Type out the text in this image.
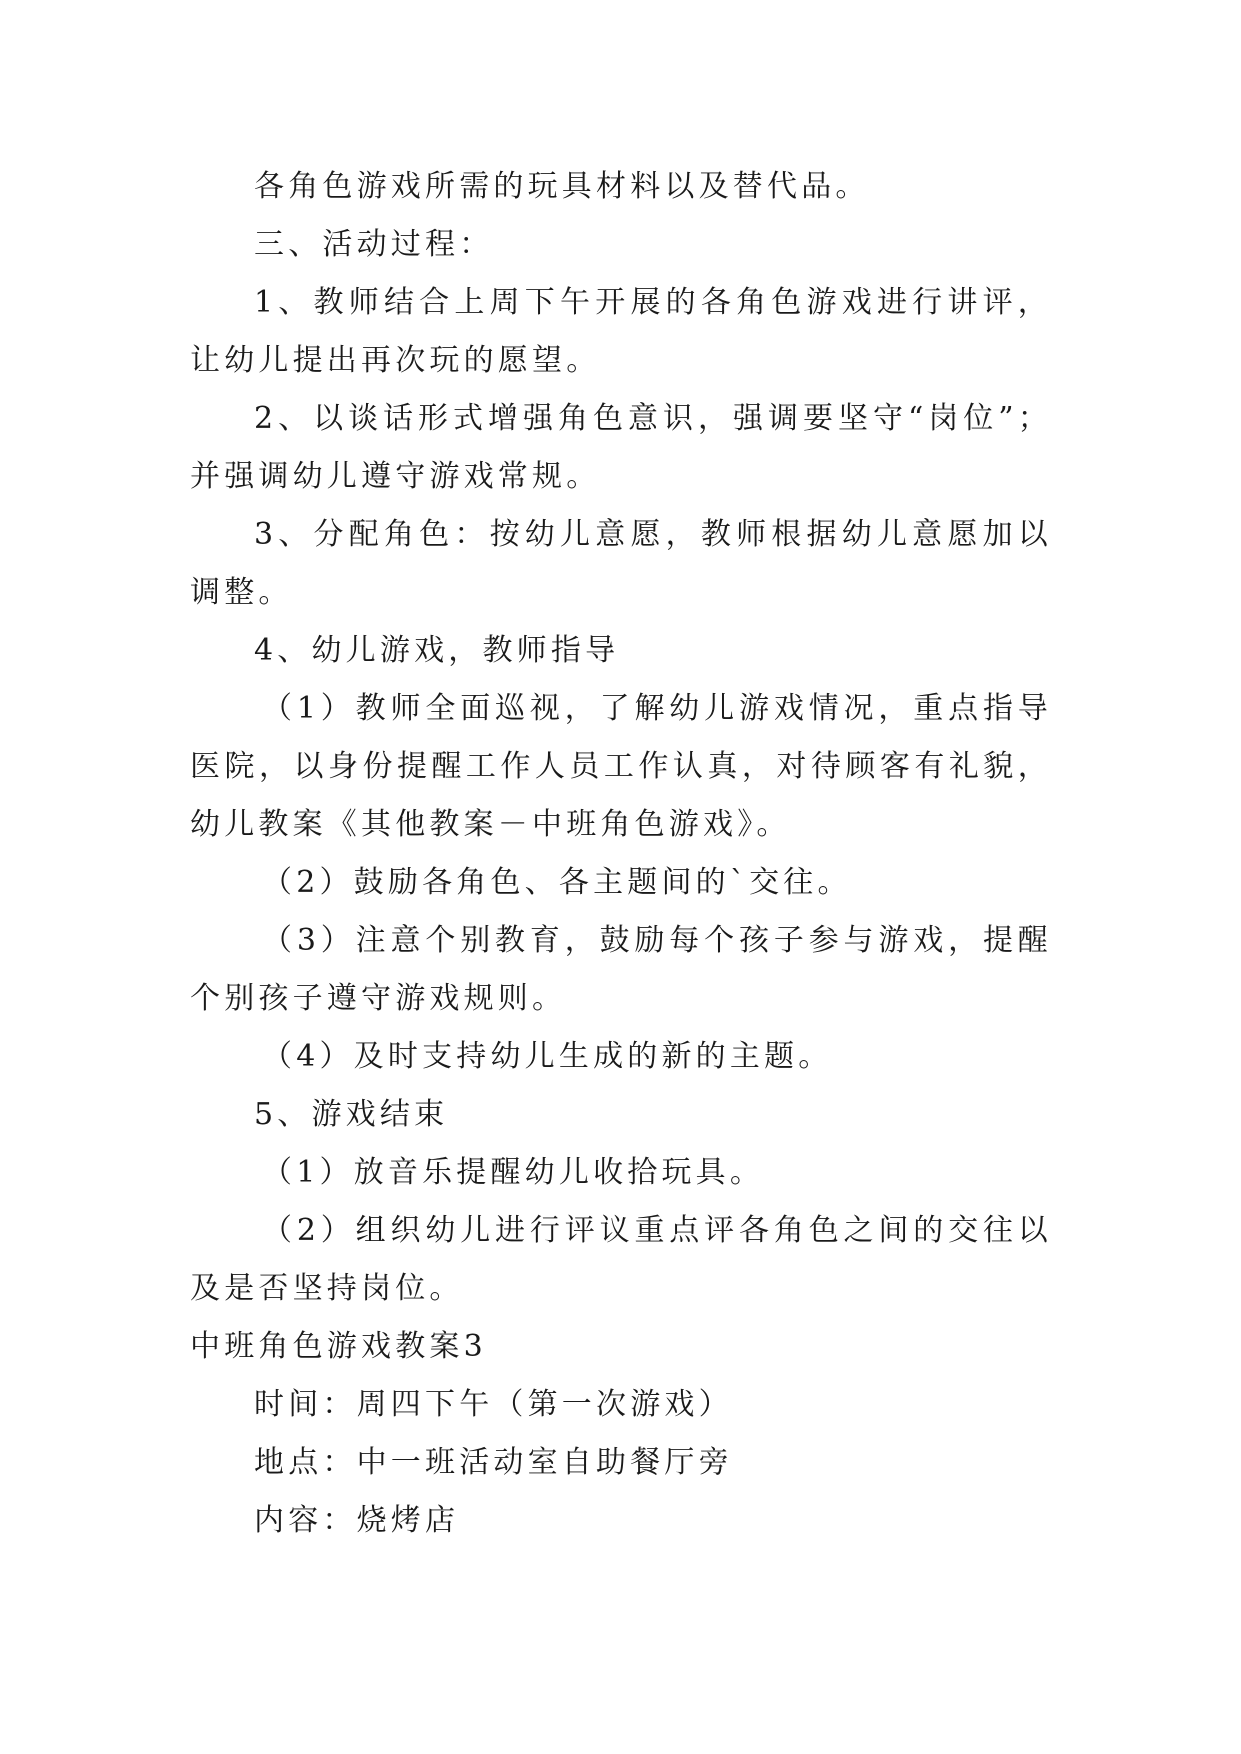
各角色游戏所需的玩具材料以及替代品。

三、活动过程：

1、教师结合上周下午开展的各角色游戏进行讲评，让幼儿提出再次玩的愿望。

2、以谈话形式增强角色意识，强调要坚守“岗位”；并强调幼儿遵守游戏常规。

3、分配角色：按幼儿意愿，教师根据幼儿意愿加以调整。

4、幼儿游戏，教师指导

（1）教师全面巡视，了解幼儿游戏情况，重点指导医院，以身份提醒工作人员工作认真，对待顾客有礼貌，幼儿教案《其他教案－中班角色游戏》。

（2）鼓励各角色、各主题间的`交往。

（3）注意个别教育，鼓励每个孩子参与游戏，提醒个别孩子遵守游戏规则。

（4）及时支持幼儿生成的新的主题。

5、游戏结束

（1）放音乐提醒幼儿收拾玩具。

（2）组织幼儿进行评议重点评各角色之间的交往以及是否坚持岗位。

中班角色游戏教案3

时间：周四下午（第一次游戏）

地点：中一班活动室自助餐厅旁

内容：烧烤店
